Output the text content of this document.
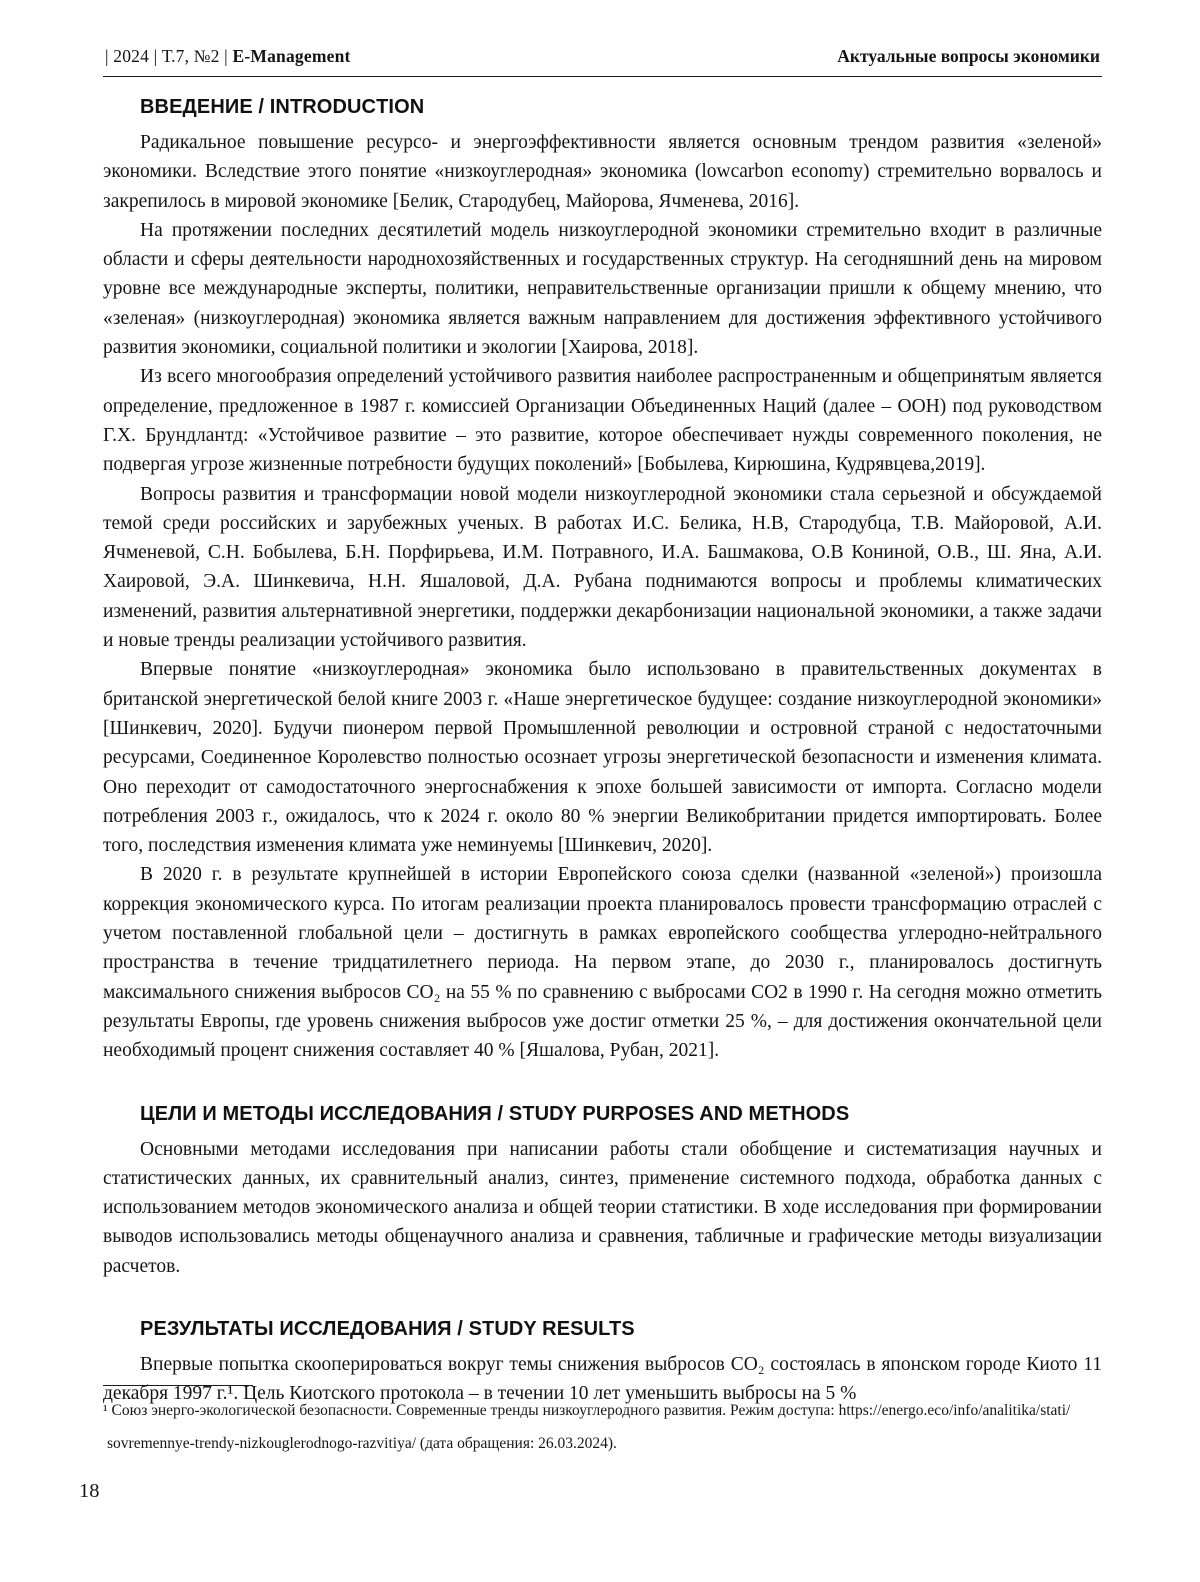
| 2024 | Т.7, №2 | E-Management	Актуальные вопросы экономики
ВВЕДЕНИЕ / INTRODUCTION

Радикальное повышение ресурсо- и энергоэффективности является основным трендом развития «зеленой» экономики. Вследствие этого понятие «низкоуглеродная» экономика (lowcarbon economy) стремительно ворвалось и закрепилось в мировой экономике [Белик, Стародубец, Майорова, Ячменева, 2016].

На протяжении последних десятилетий модель низкоуглеродной экономики стремительно входит в различные области и сферы деятельности народнохозяйственных и государственных структур. На сегодняшний день на мировом уровне все международные эксперты, политики, неправительственные организации пришли к общему мнению, что «зеленая» (низкоуглеродная) экономика является важным направлением для достижения эффективного устойчивого развития экономики, социальной политики и экологии [Хаирова, 2018].

Из всего многообразия определений устойчивого развития наиболее распространенным и общепринятым является определение, предложенное в 1987 г. комиссией Организации Объединенных Наций (далее – ООН) под руководством Г.Х. Брундлантд: «Устойчивое развитие – это развитие, которое обеспечивает нужды современного поколения, не подвергая угрозе жизненные потребности будущих поколений» [Бобылева, Кирюшина, Кудрявцева,2019].

Вопросы развития и трансформации новой модели низкоуглеродной экономики стала серьезной и обсуждаемой темой среди российских и зарубежных ученых. В работах И.С. Белика, Н.В, Стародубца, Т.В. Майоровой, А.И. Ячменевой, С.Н. Бобылева, Б.Н. Порфирьева, И.М. Потравного, И.А. Башмакова, О.В Кониной, О.В., Ш. Яна, А.И. Хаировой, Э.А. Шинкевича, Н.Н. Яшаловой, Д.А. Рубана поднимаются вопросы и проблемы климатических изменений, развития альтернативной энергетики, поддержки декарбонизации национальной экономики, а также задачи и новые тренды реализации устойчивого развития.

Впервые понятие «низкоуглеродная» экономика было использовано в правительственных документах в британской энергетической белой книге 2003 г. «Наше энергетическое будущее: создание низкоуглеродной экономики» [Шинкевич, 2020]. Будучи пионером первой Промышленной революции и островной страной с недостаточными ресурсами, Соединенное Королевство полностью осознает угрозы энергетической безопасности и изменения климата. Оно переходит от самодостаточного энергоснабжения к эпохе большей зависимости от импорта. Согласно модели потребления 2003 г., ожидалось, что к 2024 г. около 80 % энергии Великобритании придется импортировать. Более того, последствия изменения климата уже неминуемы [Шинкевич, 2020].

В 2020 г. в результате крупнейшей в истории Европейского союза сделки (названной «зеленой») произошла коррекция экономического курса. По итогам реализации проекта планировалось провести трансформацию отраслей с учетом поставленной глобальной цели – достигнуть в рамках европейского сообщества углеродно-нейтрального пространства в течение тридцатилетнего периода. На первом этапе, до 2030 г., планировалось достигнуть максимального снижения выбросов CO₂ на 55 % по сравнению с выбросами CO2 в 1990 г. На сегодня можно отметить результаты Европы, где уровень снижения выбросов уже достиг отметки 25 %, – для достижения окончательной цели необходимый процент снижения составляет 40 % [Яшалова, Рубан, 2021].

ЦЕЛИ И МЕТОДЫ ИССЛЕДОВАНИЯ / STUDY PURPOSES AND METHODS

Основными методами исследования при написании работы стали обобщение и систематизация научных и статистических данных, их сравнительный анализ, синтез, применение системного подхода, обработка данных с использованием методов экономического анализа и общей теории статистики. В ходе исследования при формировании выводов использовались методы общенаучного анализа и сравнения, табличные и графические методы визуализации расчетов.

РЕЗУЛЬТАТЫ ИССЛЕДОВАНИЯ / STUDY RESULTS

Впервые попытка скооперироваться вокруг темы снижения выбросов CO₂ состоялась в японском городе Киото 11 декабря 1997 г.¹. Цель Киотского протокола – в течении 10 лет уменьшить выбросы на 5 %

¹ Союз энерго-экологической безопасности. Современные тренды низкоуглеродного развития. Режим доступа: https://energo.eco/info/analitika/stati/
sovremennye-trendy-nizkouglerodnogo-razvitiya/ (дата обращения: 26.03.2024).
18
